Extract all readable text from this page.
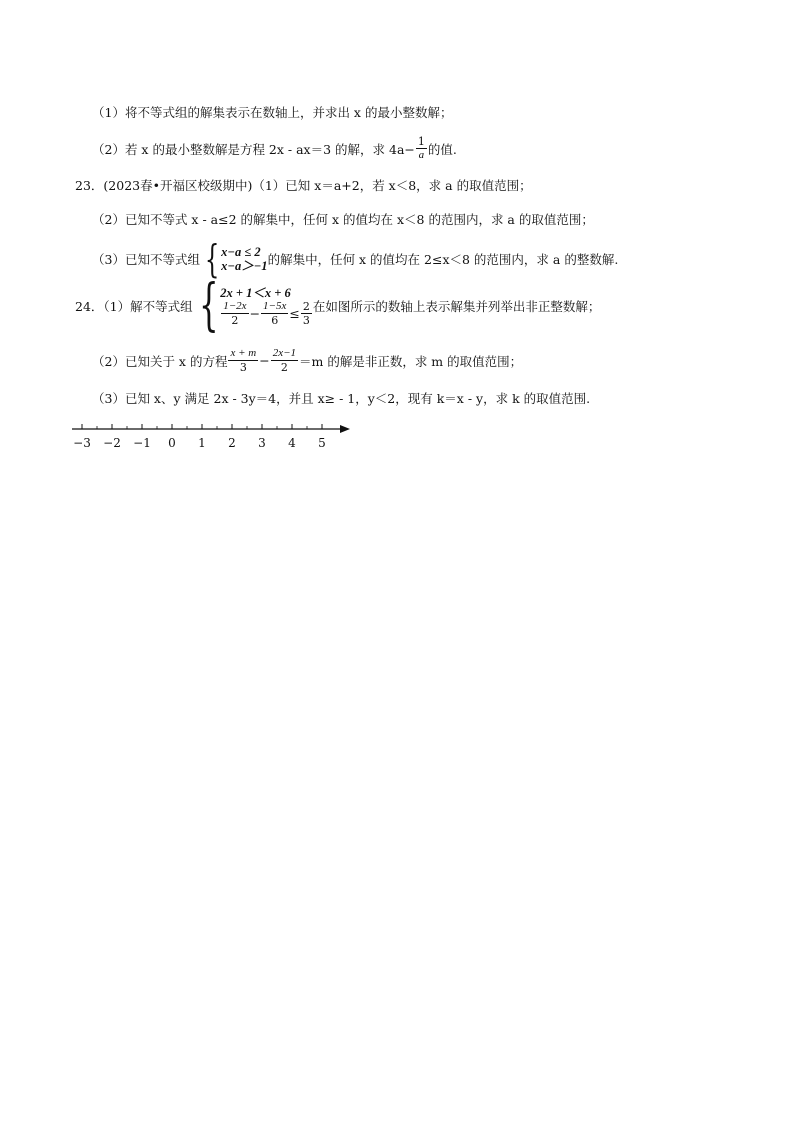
（1）将不等式组的解集表示在数轴上，并求出 x 的最小整数解；
（2）若 x 的最小整数解是方程 2x - ax＝3 的解，求 $4a- \frac{1}{a}$ 的值.
23．(2023春•开福区校级期中)（1）已知 x＝a+2，若 x＜8，求 a 的取值范围；
（2）已知不等式 x - a≤2 的解集中，任何 x 的值均在 x＜8 的范围内，求 a 的取值范围；
（3）已知不等式组 { x−a ≤ 2
x−a＞−1 的解集中，任何 x 的值均在 2≤x＜8 的范围内，求 a 的整数解.
24．（1）解不等式组 { 2x + 1＜x + 6
$\frac{1-2x}{2} - \frac{1-5x}{6} \le \frac{2}{3}$ 在如图所示的数轴上表示解集并列举出非正整数解；
（2）已知关于 x 的方程 $\frac{x + m}{3} - \frac{2x-1}{2} =m$ 的解是非正数，求 m 的取值范围；
（3）已知 x、y 满足 2x - 3y＝4，并且 x≥ - 1，y＜2，现有 k＝x - y，求 k 的取值范围.
−3 −2 −1 0 1 2 3 4 5
